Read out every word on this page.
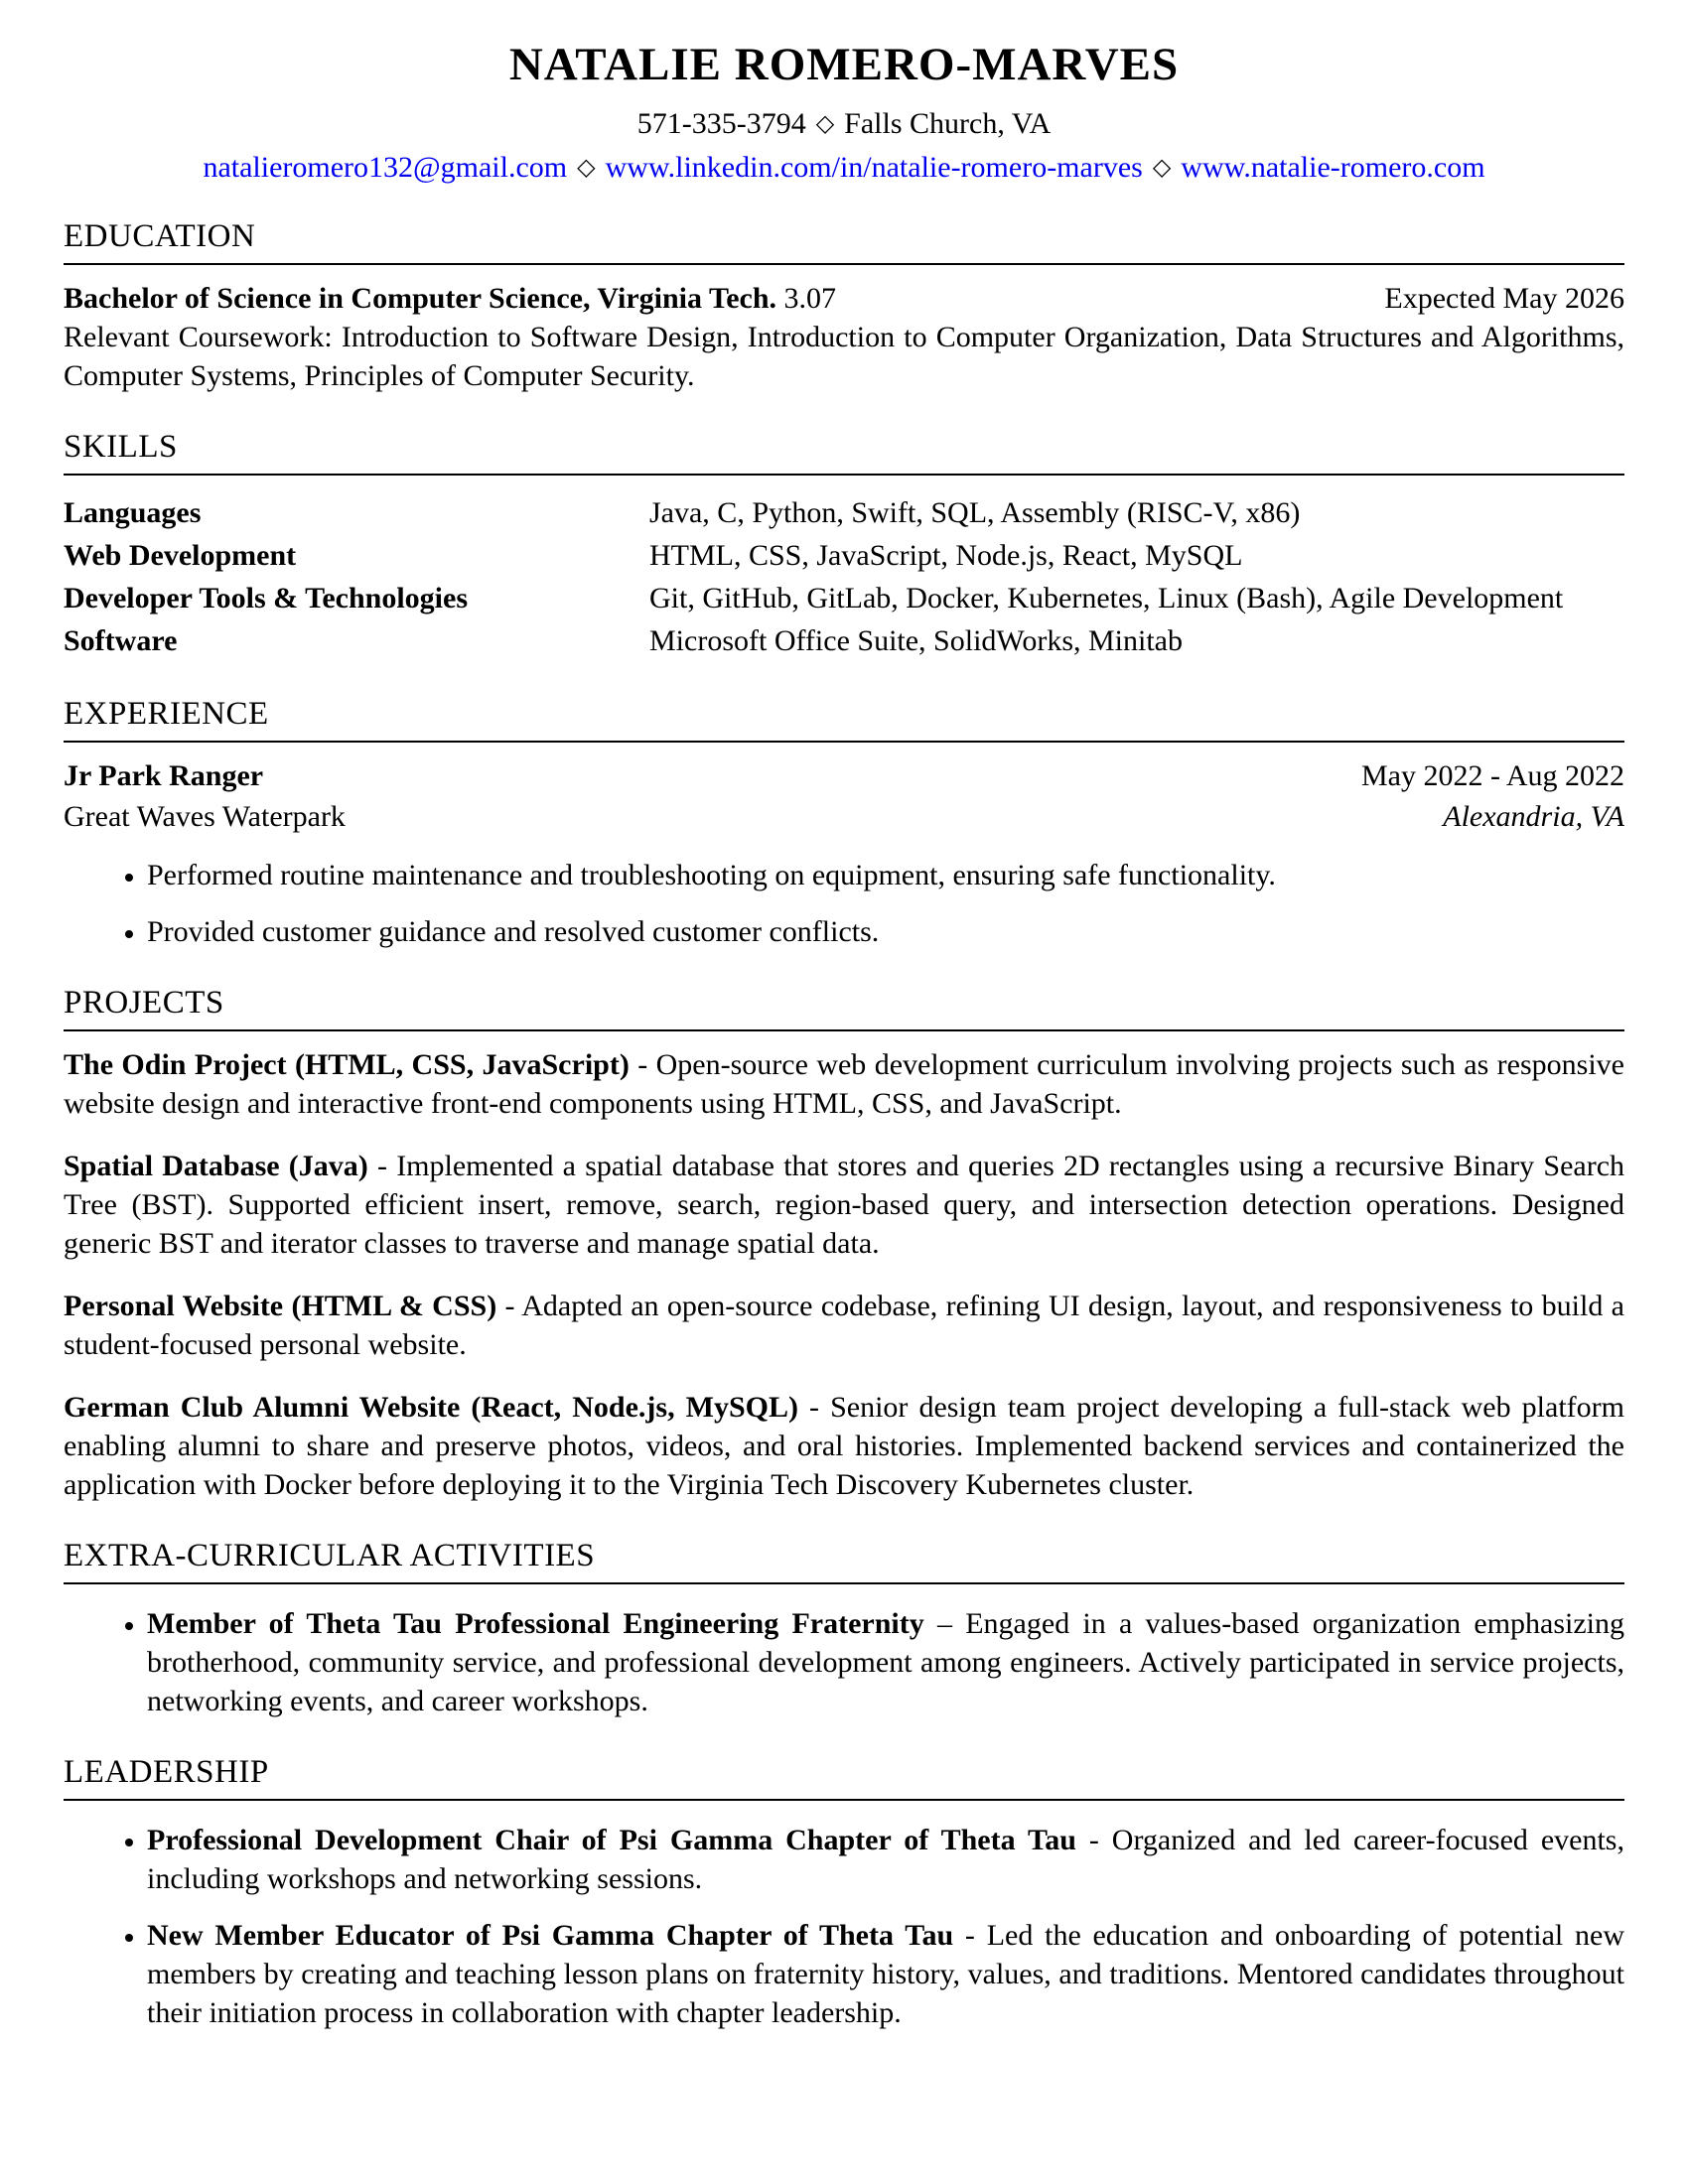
NATALIE ROMERO-MARVES
571-335-3794 ◇ Falls Church, VA
natalieromero132@gmail.com ◇ www.linkedin.com/in/natalie-romero-marves ◇ www.natalie-romero.com
EDUCATION
Bachelor of Science in Computer Science, Virginia Tech. 3.07	Expected May 2026
Relevant Coursework: Introduction to Software Design, Introduction to Computer Organization, Data Structures and Algorithms, Computer Systems, Principles of Computer Security.
SKILLS
Languages	Java, C, Python, Swift, SQL, Assembly (RISC-V, x86)
Web Development	HTML, CSS, JavaScript, Node.js, React, MySQL
Developer Tools & Technologies	Git, GitHub, GitLab, Docker, Kubernetes, Linux (Bash), Agile Development
Software	Microsoft Office Suite, SolidWorks, Minitab
EXPERIENCE
Jr Park Ranger	May 2022 - Aug 2022
Great Waves Waterpark	Alexandria, VA
• Performed routine maintenance and troubleshooting on equipment, ensuring safe functionality.
• Provided customer guidance and resolved customer conflicts.
PROJECTS

The Odin Project (HTML, CSS, JavaScript) - Open-source web development curriculum involving projects such as responsive website design and interactive front-end components using HTML, CSS, and JavaScript.

Spatial Database (Java) - Implemented a spatial database that stores and queries 2D rectangles using a recursive Binary Search Tree (BST). Supported efficient insert, remove, search, region-based query, and intersection detection operations. Designed generic BST and iterator classes to traverse and manage spatial data.

Personal Website (HTML & CSS) - Adapted an open-source codebase, refining UI design, layout, and responsiveness to build a student-focused personal website.

German Club Alumni Website (React, Node.js, MySQL) - Senior design team project developing a full-stack web platform enabling alumni to share and preserve photos, videos, and oral histories. Implemented backend services and containerized the application with Docker before deploying it to the Virginia Tech Discovery Kubernetes cluster.

EXTRA-CURRICULAR ACTIVITIES
• Member of Theta Tau Professional Engineering Fraternity – Engaged in a values-based organization emphasizing brotherhood, community service, and professional development among engineers. Actively participated in service projects, networking events, and career workshops.
LEADERSHIP
• Professional Development Chair of Psi Gamma Chapter of Theta Tau - Organized and led career-focused events, including workshops and networking sessions.
• New Member Educator of Psi Gamma Chapter of Theta Tau - Led the education and onboarding of potential new members by creating and teaching lesson plans on fraternity history, values, and traditions. Mentored candidates throughout their initiation process in collaboration with chapter leadership.
